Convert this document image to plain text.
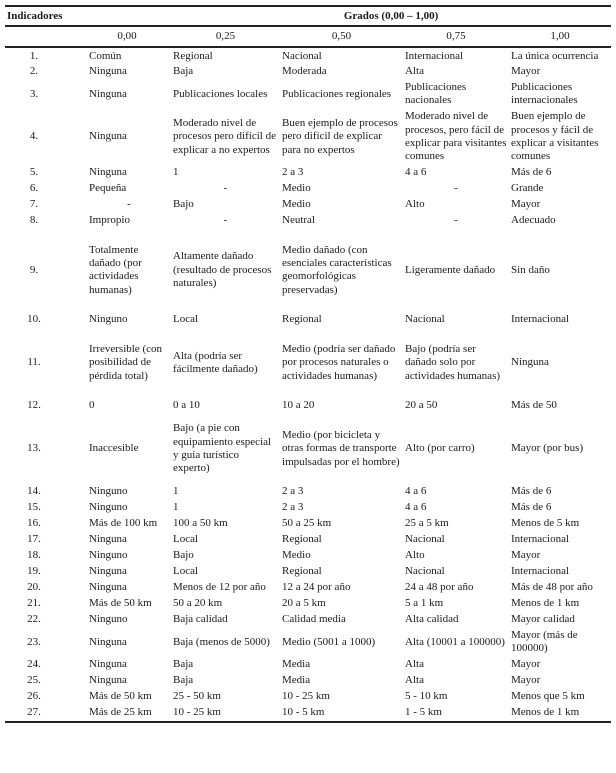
Indicadores		Grados (0,00 – 1,00)			
	0,00	0,25	0,50	0,75	1,00
1.	Común	Regional	Nacional	Internacional	La única ocurrencia
2.	Ninguna	Baja	Moderada	Alta	Mayor
3.	Ninguna	Publicaciones locales	Publicaciones regionales	Publicaciones nacionales	Publicaciones internacionales
4.	Ninguna	Moderado nivel de procesos pero difícil de explicar a no expertos	Buen ejemplo de procesos pero difícil de explicar para no expertos	Moderado nivel de procesos, pero fácil de explicar para visitantes comunes	Buen ejemplo de procesos y fácil de explicar a visitantes comunes
5.	Ninguna	1	2 a 3	4 a 6	Más de 6
6.	Pequeña	-	Medio	-	Grande
7.	-	Bajo	Medio	Alto	Mayor
8.	Impropio	-	Neutral	-	Adecuado
9.	Totalmente dañado (por actividades humanas)	Altamente dañado (resultado de procesos naturales)	Medio dañado (con esenciales características geomorfológicas preservadas)	Ligeramente dañado	Sin daño
10.	Ninguno	Local	Regional	Nacional	Internacional
11.	Irreversible (con posibilidad de pérdida total)	Alta (podría ser fácilmente dañado)	Medio (podría ser dañado por procesos naturales o actividades humanas)	Bajo (podría ser dañado solo por actividades humanas)	Ninguna
12.	0	0 a 10	10 a 20	20 a 50	Más de 50
13.	Inaccesible	Bajo (a pie con equipamiento especial y guía turístico experto)	Medio (por bicicleta y otras formas de transporte impulsadas por el hombre)	Alto (por carro)	Mayor (por bus)
14.	Ninguno	1	2 a 3	4 a 6	Más de 6
15.	Ninguno	1	2 a 3	4 a 6	Más de 6
16.	Más de 100 km	100 a 50 km	50 a 25 km	25 a 5 km	Menos de 5 km
17.	Ninguna	Local	Regional	Nacional	Internacional
18.	Ninguno	Bajo	Medio	Alto	Mayor
19.	Ninguna	Local	Regional	Nacional	Internacional
20.	Ninguna	Menos de 12 por año	12 a 24 por año	24 a 48 por año	Más de 48 por año
21.	Más de 50 km	50 a 20 km	20 a 5 km	5 a 1 km	Menos de 1 km
22.	Ninguno	Baja calidad	Calidad media	Alta calidad	Mayor calidad
23.	Ninguna	Baja (menos de 5000)	Medio (5001 a 1000)	Alta (10001 a 100000)	Mayor (más de 100000)
24.	Ninguna	Baja	Media	Alta	Mayor
25.	Ninguna	Baja	Media	Alta	Mayor
26.	Más de 50 km	25 - 50 km	10 - 25 km	5 - 10 km	Menos que 5 km
27.	Más de 25 km	10 - 25 km	10 - 5 km	1 - 5 km	Menos de 1 km
